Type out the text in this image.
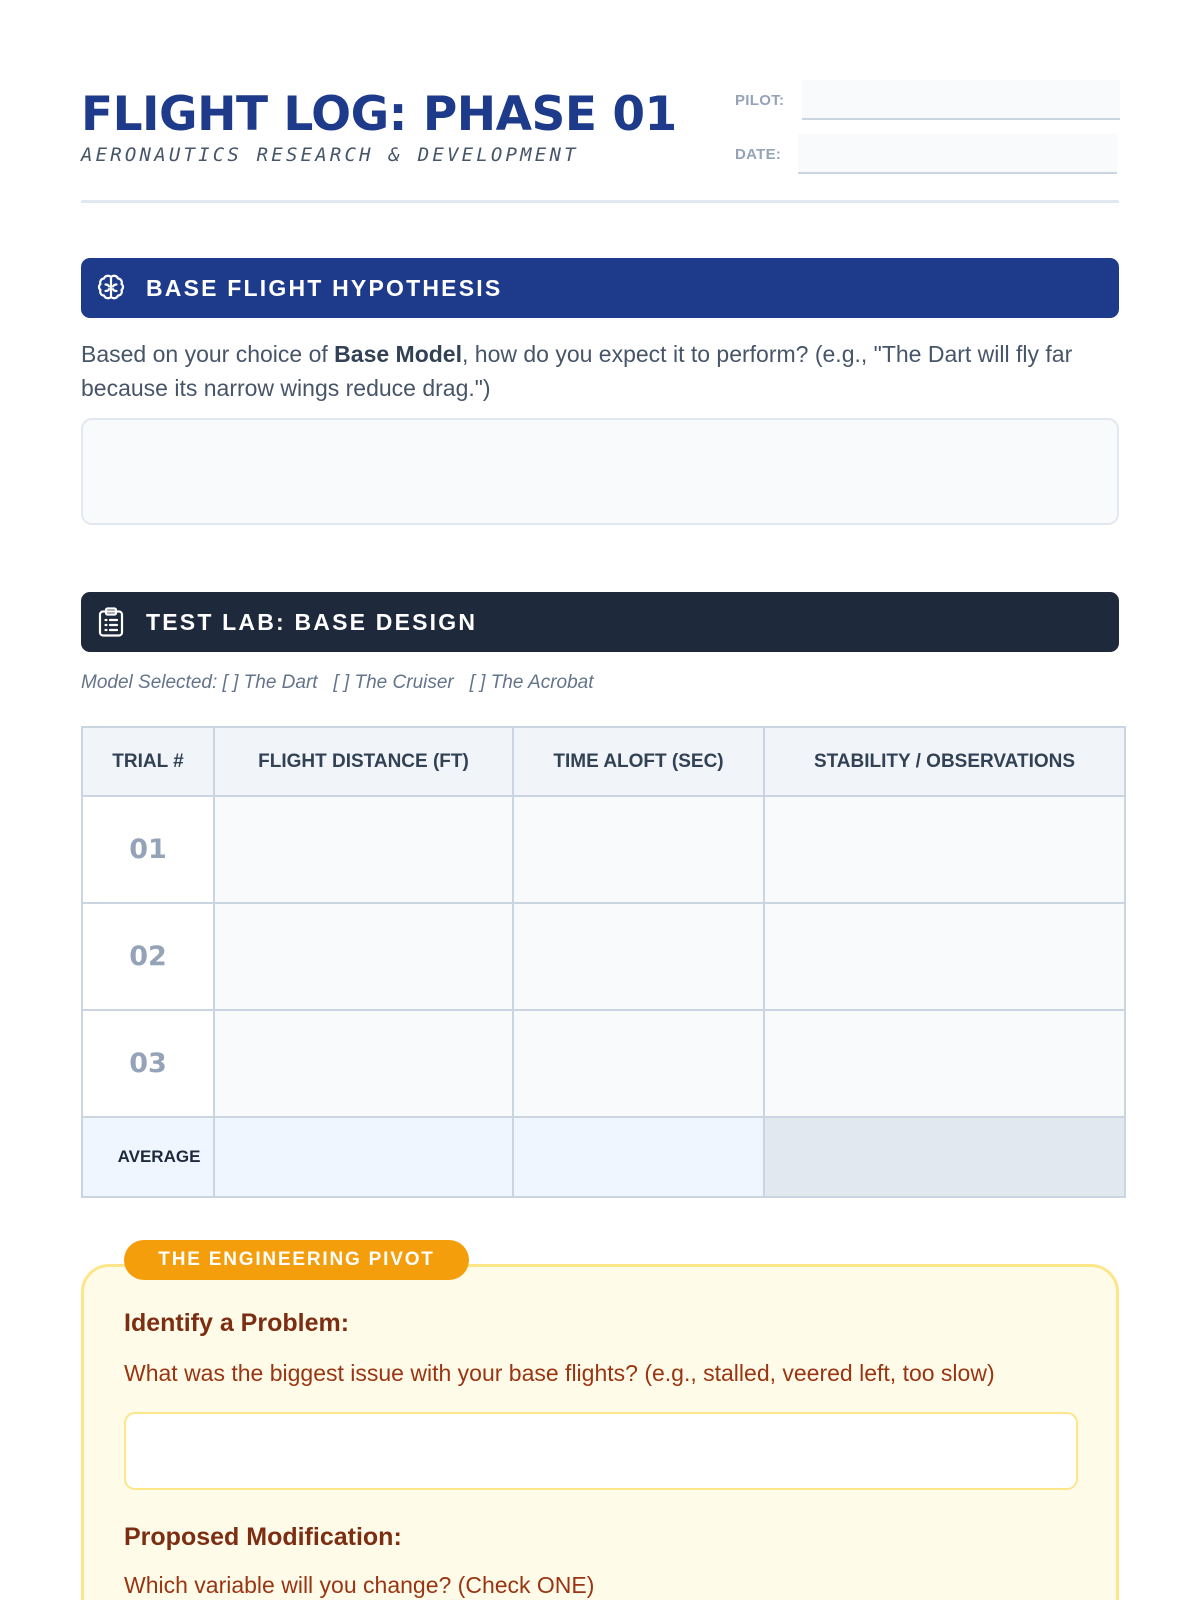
FLIGHT LOG: PHASE 01
AERONAUTICS RESEARCH & DEVELOPMENT
PILOT:
DATE:
BASE FLIGHT HYPOTHESIS

Based on your choice of Base Model, how do you expect it to perform? (e.g., "The Dart will fly far because its narrow wings reduce drag.")

TEST LAB: BASE DESIGN
Model Selected: [ ] The Dart   [ ] The Cruiser   [ ] The Acrobat
TRIAL #	FLIGHT DISTANCE (FT)	TIME ALOFT (SEC)	STABILITY / OBSERVATIONS
01			
02			
03			
AVERAGE			
THE ENGINEERING PIVOT
Identify a Problem:
What was the biggest issue with your base flights? (e.g., stalled, veered left, too slow)
Proposed Modification:
Which variable will you change? (Check ONE)
